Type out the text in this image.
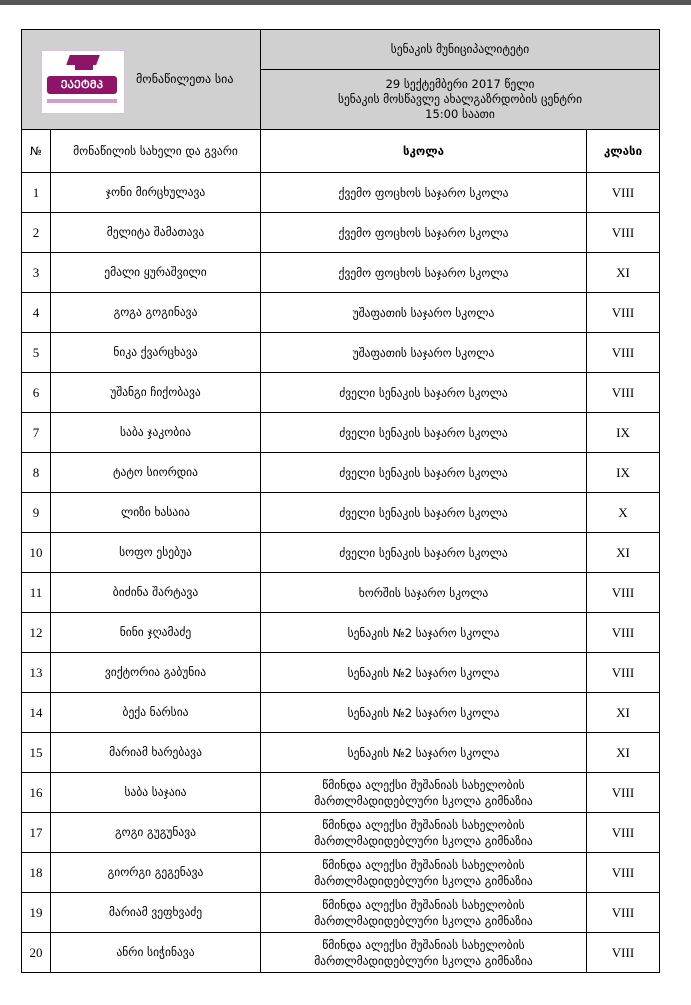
ᲔᲐᲔᲢᲛᲞ მონაწილეთა სია		სენაკის მუნიციპალიტეტი	

		29 სექტემბერი 2017 წელი
სენაკის მოსწავლე ახალგაზრდობის ცენტრი
15:00 საათი	

№	მონაწილის სახელი და გვარი	სკოლა	კლასი
1	ჯონი მირცხულავა	ქვემო ფოცხოს საჯარო სკოლა	VIII
2	მელიტა შამათავა	ქვემო ფოცხოს საჯარო სკოლა	VIII
3	ემალი ყურაშვილი	ქვემო ფოცხოს საჯარო სკოლა	XI
4	გოგა გოგინავა	უშაფათის საჯარო სკოლა	VIII
5	ნიკა ქვარცხავა	უშაფათის საჯარო სკოლა	VIII
6	უშანგი ჩიქობავა	ძველი სენაკის საჯარო სკოლა	VIII
7	საბა ჯაკობია	ძველი სენაკის საჯარო სკოლა	IX
8	ტატო სიორდია	ძველი სენაკის საჯარო სკოლა	IX
9	ლიზი ხასაია	ძველი სენაკის საჯარო სკოლა	X
10	სოფო ესებუა	ძველი სენაკის საჯარო სკოლა	XI
11	ბიძინა შარტავა	ხორშის საჯარო სკოლა	VIII
12	ნინი ჯღამაძე	სენაკის №2 საჯარო სკოლა	VIII
13	ვიქტორია გაბუნია	სენაკის №2 საჯარო სკოლა	VIII
14	ბექა ნარსია	სენაკის №2 საჯარო სკოლა	XI
15	მარიამ ხარებავა	სენაკის №2 საჯარო სკოლა	XI
16	საბა საჯაია	წმინდა ალექსი შუშანიას სახელობის მართლმადიდებლური სკოლა გიმნაზია	VIII
17	გოგი გუგუნავა	წმინდა ალექსი შუშანიას სახელობის მართლმადიდებლური სკოლა გიმნაზია	VIII
18	გიორგი გეგენავა	წმინდა ალექსი შუშანიას სახელობის მართლმადიდებლური სკოლა გიმნაზია	VIII
19	მარიამ ვეფხვაძე	წმინდა ალექსი შუშანიას სახელობის მართლმადიდებლური სკოლა გიმნაზია	VIII
20	ანრი სიჭინავა	წმინდა ალექსი შუშანიას სახელობის მართლმადიდებლური სკოლა გიმნაზია	VIII
